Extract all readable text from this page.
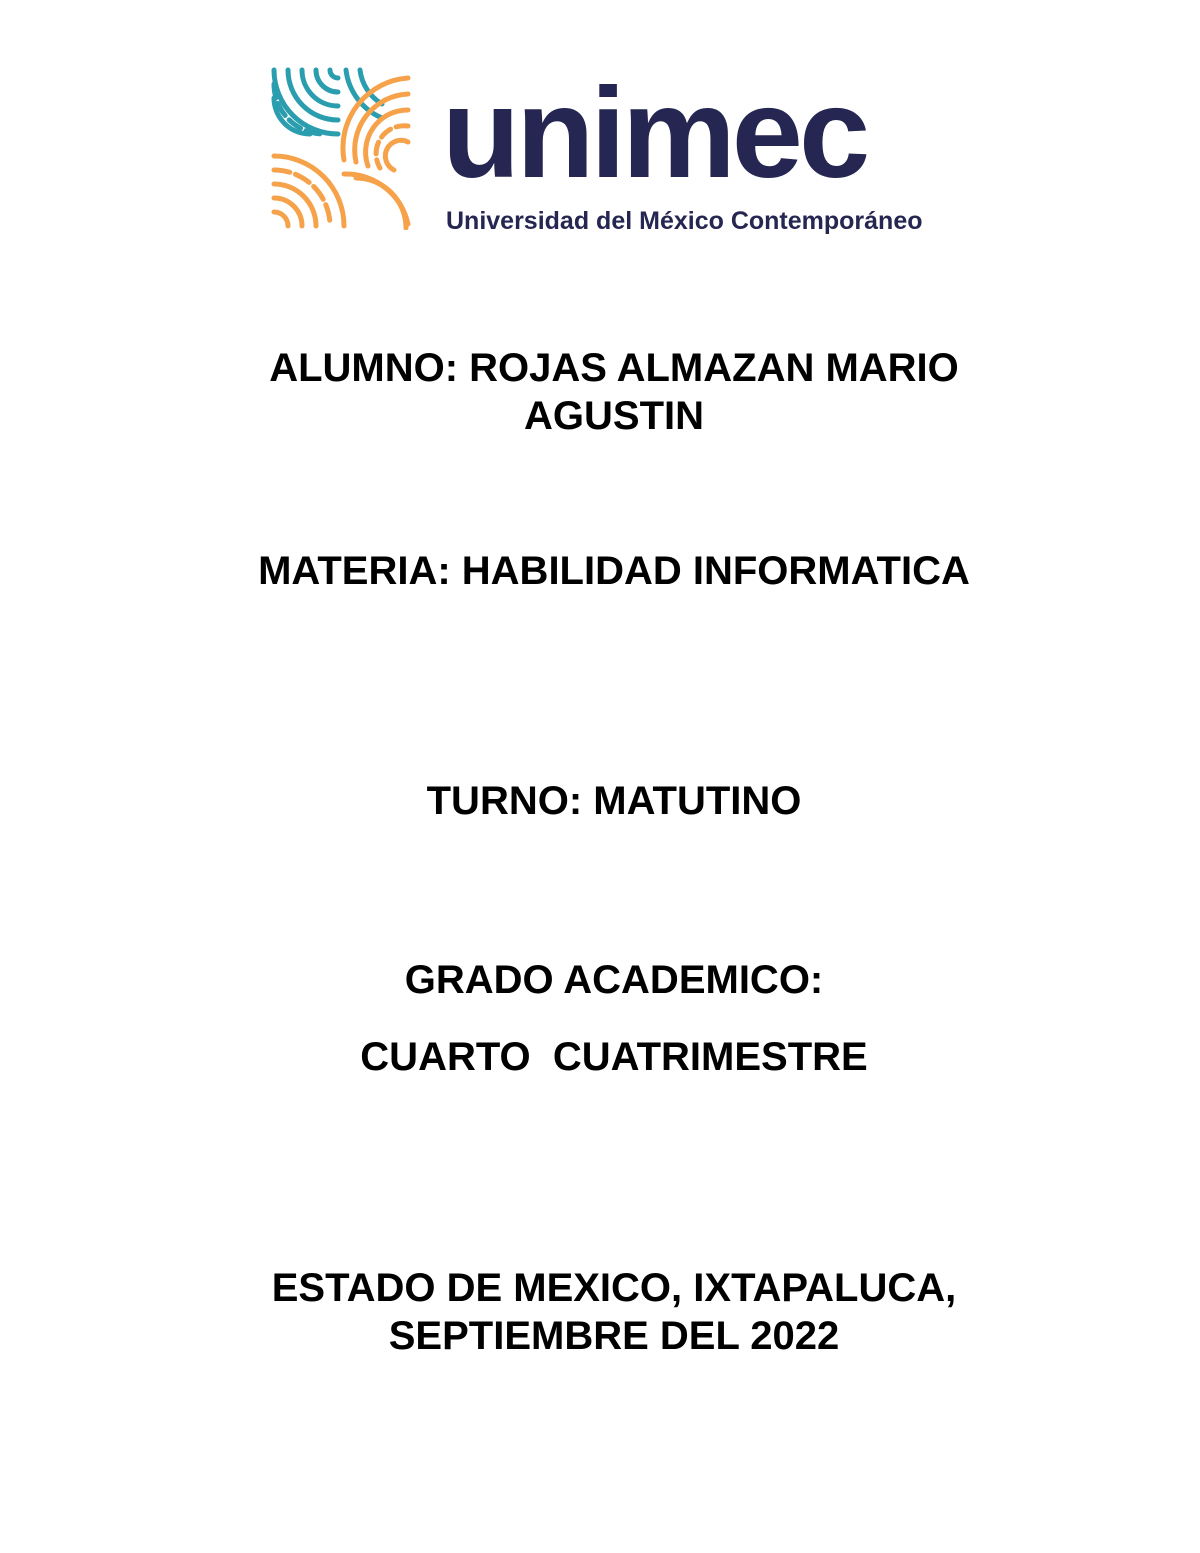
unimec
Universidad del México Contemporáneo
ALUMNO: ROJAS ALMAZAN MARIO
AGUSTIN
MATERIA: HABILIDAD INFORMATICA
TURNO: MATUTINO
GRADO ACADEMICO:
CUARTO  CUATRIMESTRE
ESTADO DE MEXICO, IXTAPALUCA,
SEPTIEMBRE DEL 2022
